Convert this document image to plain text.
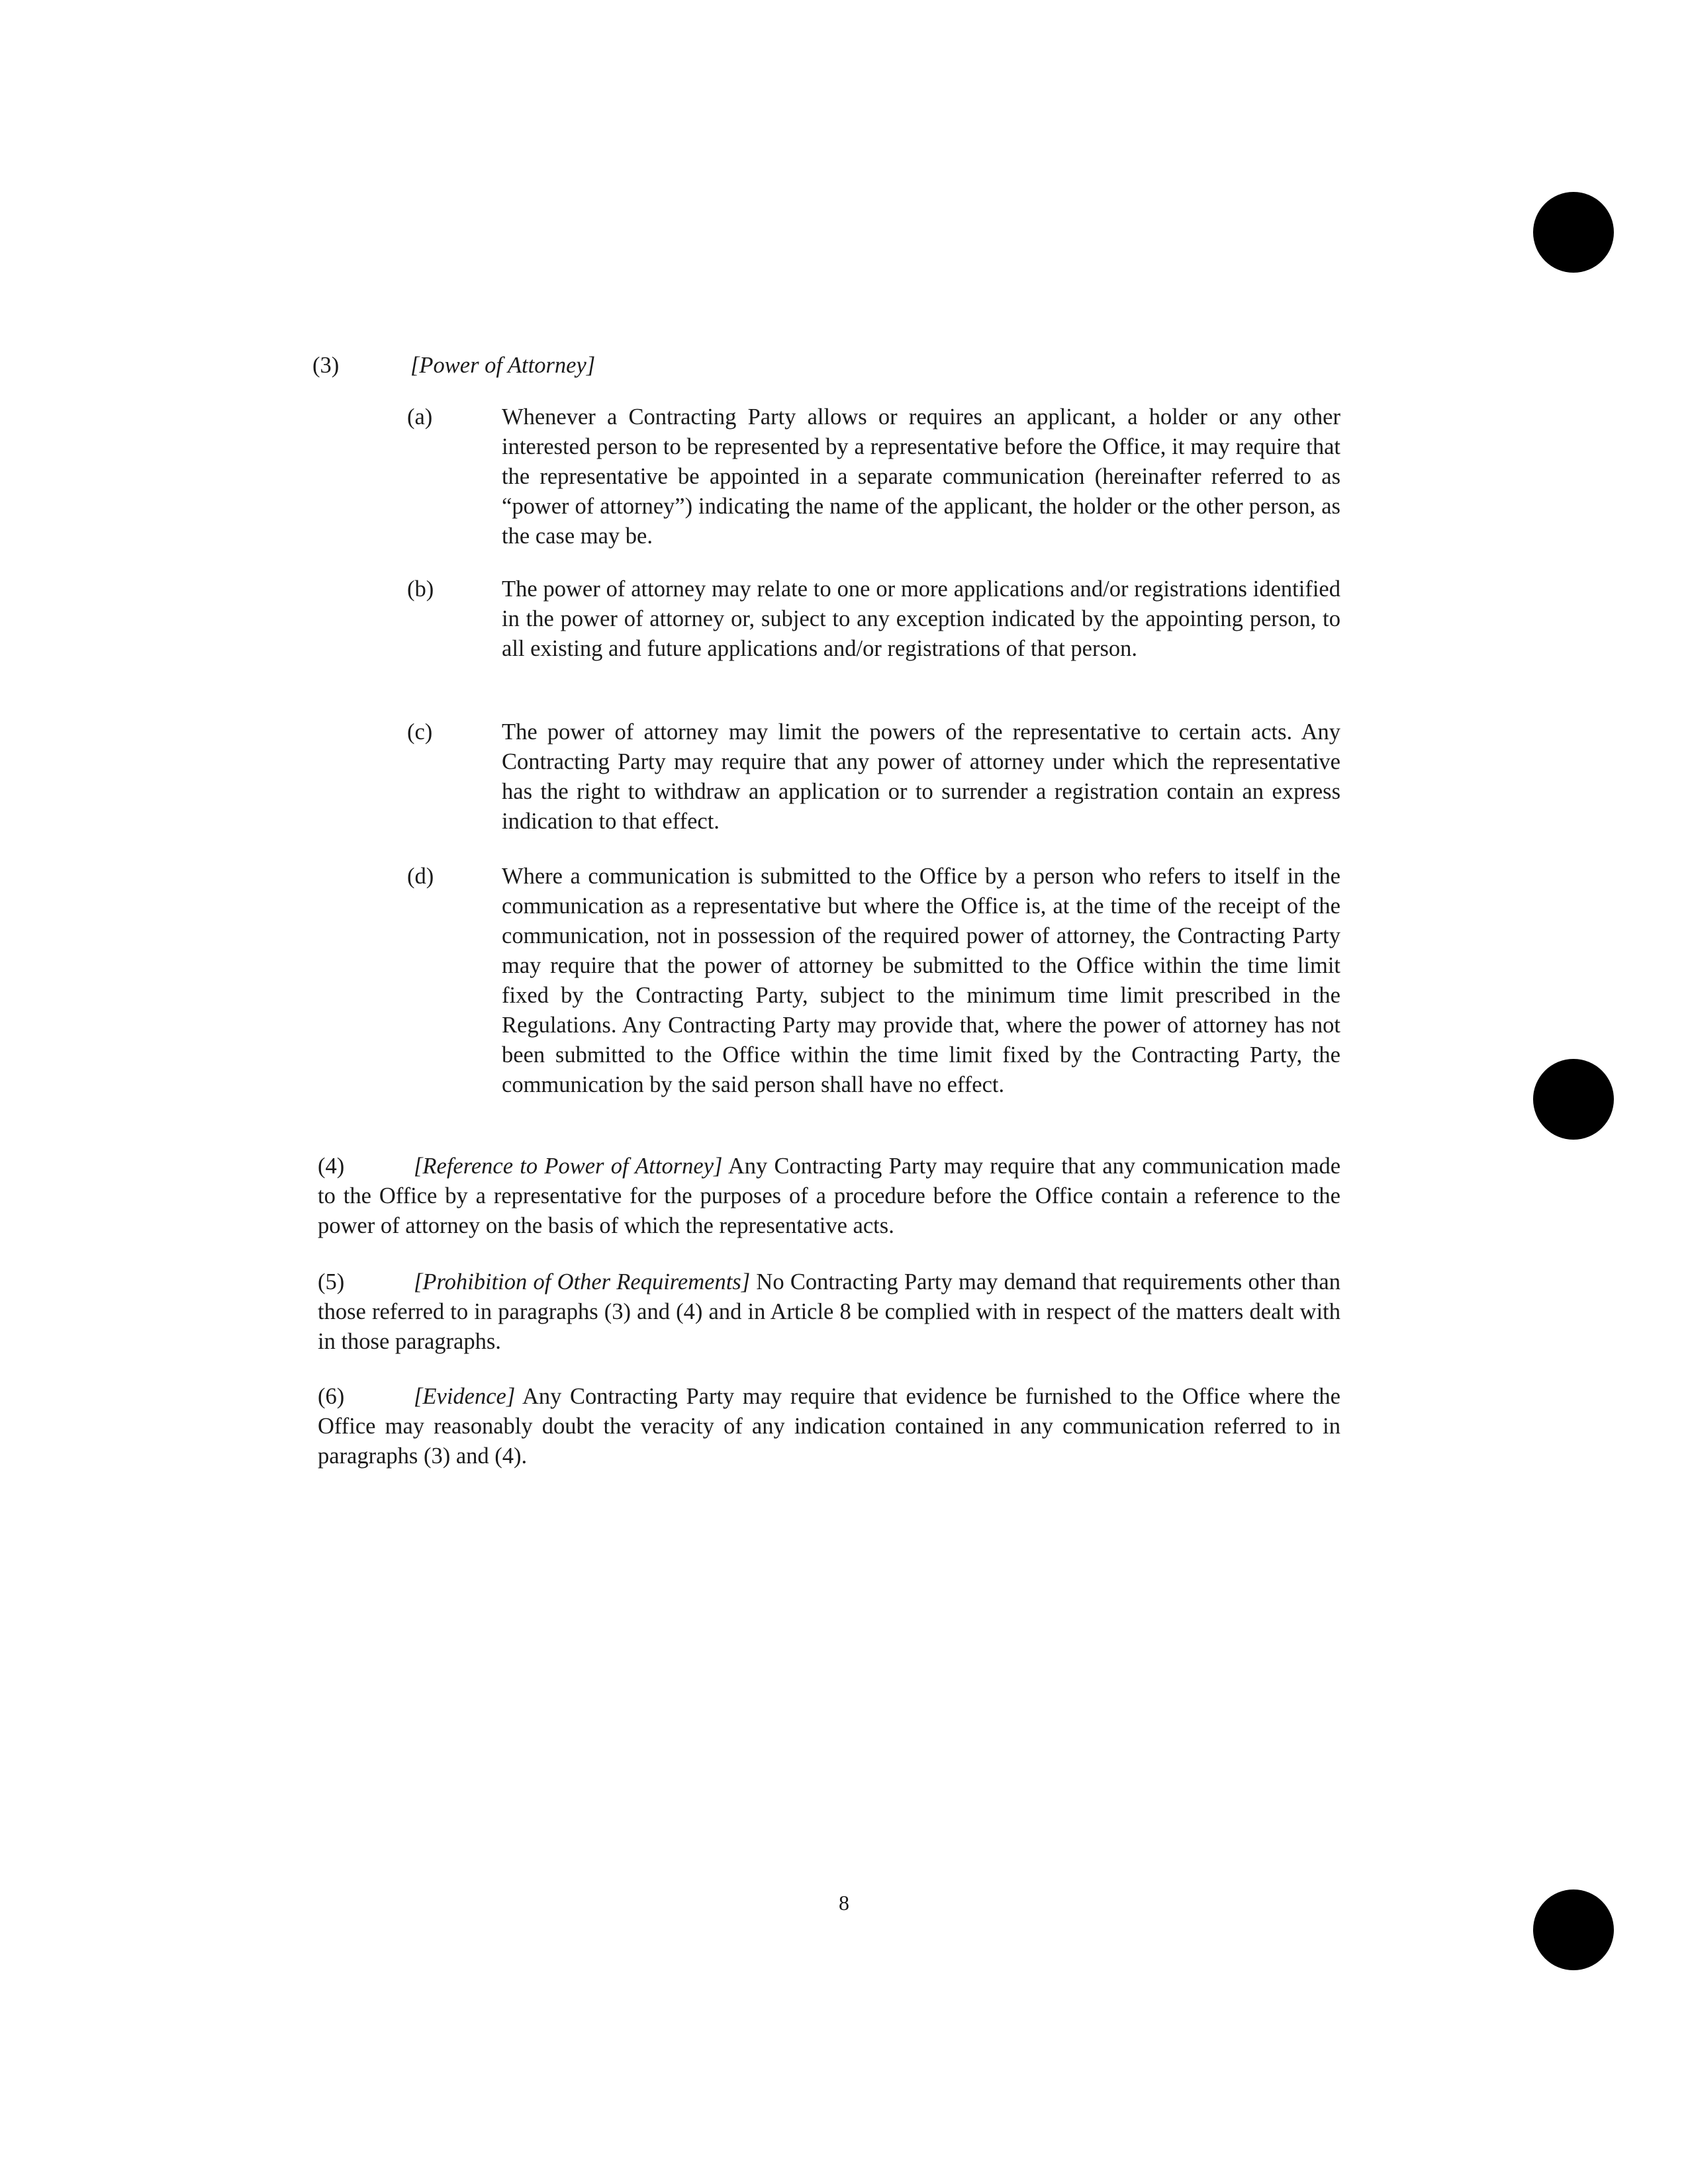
(3)	[Power of Attorney]
(a)	Whenever a Contracting Party allows or requires an applicant, a holder or any other interested person to be represented by a representative before the Office, it may require that the representative be appointed in a separate communication (hereinafter referred to as “power of attorney”) indicating the name of the applicant, the holder or the other person, as the case may be.
(b)	The power of attorney may relate to one or more applications and/or registrations identified in the power of attorney or, subject to any exception indicated by the appointing person, to all existing and future applications and/or registrations of that person.
(c)	The power of attorney may limit the powers of the representative to certain acts. Any Contracting Party may require that any power of attorney under which the representative has the right to withdraw an application or to surrender a registration contain an express indication to that effect.
(d)	Where a communication is submitted to the Office by a person who refers to itself in the communication as a representative but where the Office is, at the time of the receipt of the communication, not in possession of the required power of attorney, the Contracting Party may require that the power of attorney be submitted to the Office within the time limit fixed by the Contracting Party, subject to the minimum time limit prescribed in the Regulations. Any Contracting Party may provide that, where the power of attorney has not been submitted to the Office within the time limit fixed by the Contracting Party, the communication by the said person shall have no effect.
(4)	[Reference to Power of Attorney] Any Contracting Party may require that any communication made to the Office by a representative for the purposes of a procedure before the Office contain a reference to the power of attorney on the basis of which the representative acts.
(5)	[Prohibition of Other Requirements] No Contracting Party may demand that requirements other than those referred to in paragraphs (3) and (4) and in Article 8 be complied with in respect of the matters dealt with in those paragraphs.
(6)	[Evidence] Any Contracting Party may require that evidence be furnished to the Office where the Office may reasonably doubt the veracity of any indication contained in any communication referred to in paragraphs (3) and (4).
8
